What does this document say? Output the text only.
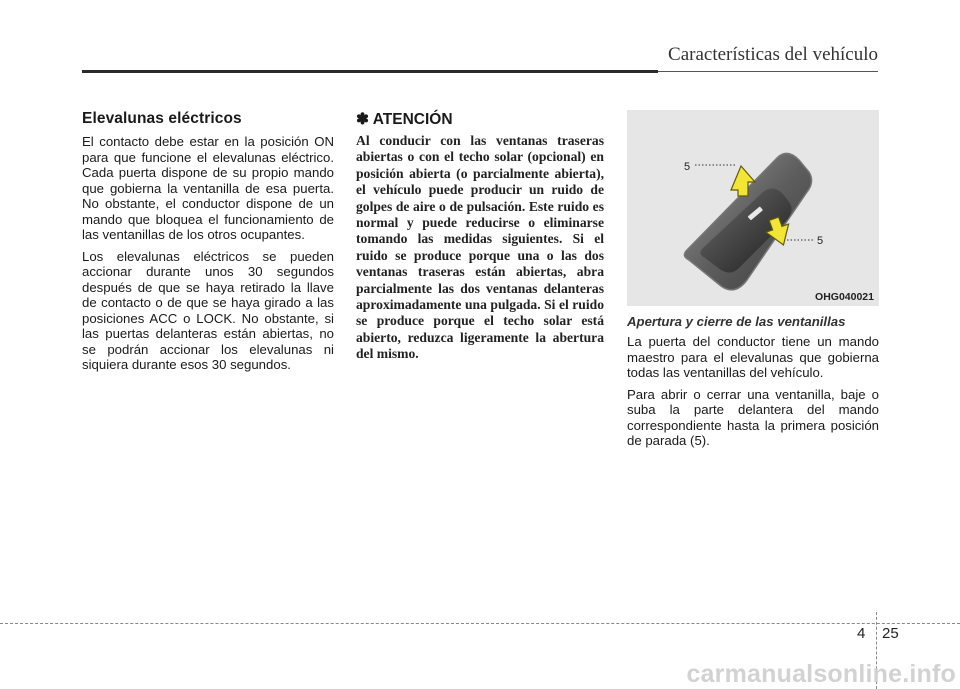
Características del vehículo
Elevalunas eléctricos

El contacto debe estar en la posición ON para que funcione el elevalunas eléctrico. Cada puerta dispone de su propio mando que gobierna la ventanilla de esa puerta. No obstante, el conductor dispone de un mando que bloquea el funcionamiento de las ventanillas de los otros ocupantes.

Los elevalunas eléctricos se pueden accionar durante unos 30 segundos después de que se haya retirado la llave de contacto o de que se haya girado a las posiciones ACC o LOCK. No obstante, si las puertas delanteras están abiertas, no se podrán accionar los elevalunas ni siquiera durante esos 30 segundos.

✽ ATENCIÓN

Al conducir con las ventanas traseras abiertas o con el techo solar (opcional) en posición abierta (o parcialmente abierta), el vehículo puede producir un ruido de golpes de aire o de pulsación. Este ruido es normal y puede reducirse o eliminarse tomando las medidas siguientes. Si el ruido se produce porque una o las dos ventanas traseras están abiertas, abra parcialmente las dos ventanas delanteras aproximadamente una pulgada. Si el ruido se produce porque el techo solar está abierto, reduzca ligeramente la abertura del mismo.

5
5
OHG040021

Apertura y cierre de las ventanillas

La puerta del conductor tiene un mando maestro para el elevalunas que gobierna todas las ventanillas del vehículo.

Para abrir o cerrar una ventanilla, baje o suba la parte delantera del mando correspondiente hasta la primera posición de parada (5).

4 25
carmanualsonline.info
